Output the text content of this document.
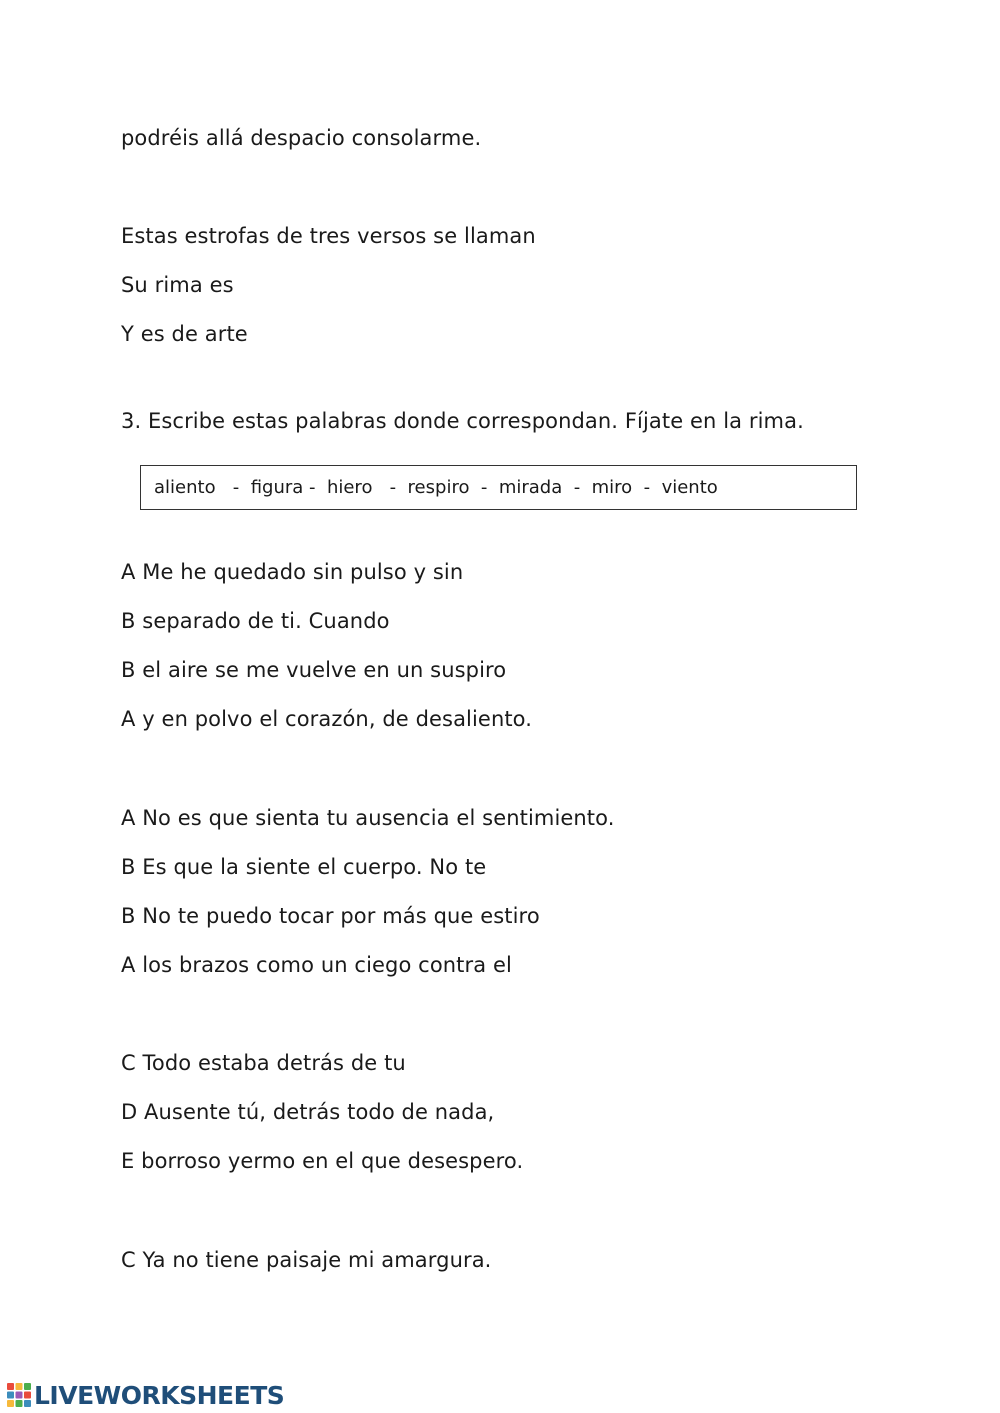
podréis allá despacio consolarme.
Estas estrofas de tres versos se llaman
Su rima es
Y es de arte
3. Escribe estas palabras donde correspondan. Fíjate en la rima.
aliento   -  figura -  hiero   -  respiro  -  mirada  -  miro  -  viento
A Me he quedado sin pulso y sin
B separado de ti. Cuando
B el aire se me vuelve en un suspiro
A y en polvo el corazón, de desaliento.
A No es que sienta tu ausencia el sentimiento.
B Es que la siente el cuerpo. No te
B No te puedo tocar por más que estiro
A los brazos como un ciego contra el
C Todo estaba detrás de tu
D Ausente tú, detrás todo de nada,
E borroso yermo en el que desespero.
C Ya no tiene paisaje mi amargura.
LIVEWORKSHEETS
